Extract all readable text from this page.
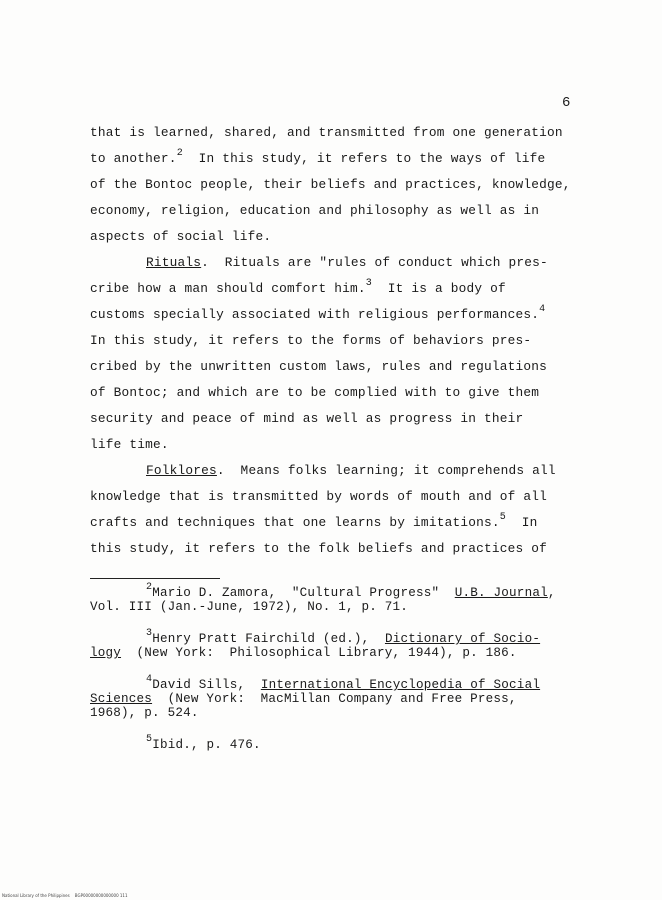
6
that is learned, shared, and transmitted from one generation
to another.$^2$  In this study, it refers to the ways of life
of the Bontoc people, their beliefs and practices, knowledge,
economy, religion, education and philosophy as well as in
aspects of social life.
Rituals.  Rituals are "rules of conduct which pres-
cribe how a man should comfort him.$^3$  It is a body of
customs specially associated with religious performances.$^4$
In this study, it refers to the forms of behaviors pres-
cribed by the unwritten custom laws, rules and regulations
of Bontoc; and which are to be complied with to give them
security and peace of mind as well as progress in their
life time.
Folklores.  Means folks learning; it comprehends all
knowledge that is transmitted by words of mouth and of all
crafts and techniques that one learns by imitations.$^5$  In
this study, it refers to the folk beliefs and practices of
$^2$Mario D. Zamora,  "Cultural Progress"  U.B. Journal,
Vol. III (Jan.-June, 1972), No. 1, p. 71.
$^3$Henry Pratt Fairchild (ed.),  Dictionary of Socio-
logy  (New York:  Philosophical Library, 1944), p. 186.
$^4$David Sills,  International Encyclopedia of Social
Sciences  (New York:  MacMillan Company and Free Press,
1968), p. 524.
$^5$Ibid., p. 476.
National Library of the Philippines    BGP00000000000000 111
